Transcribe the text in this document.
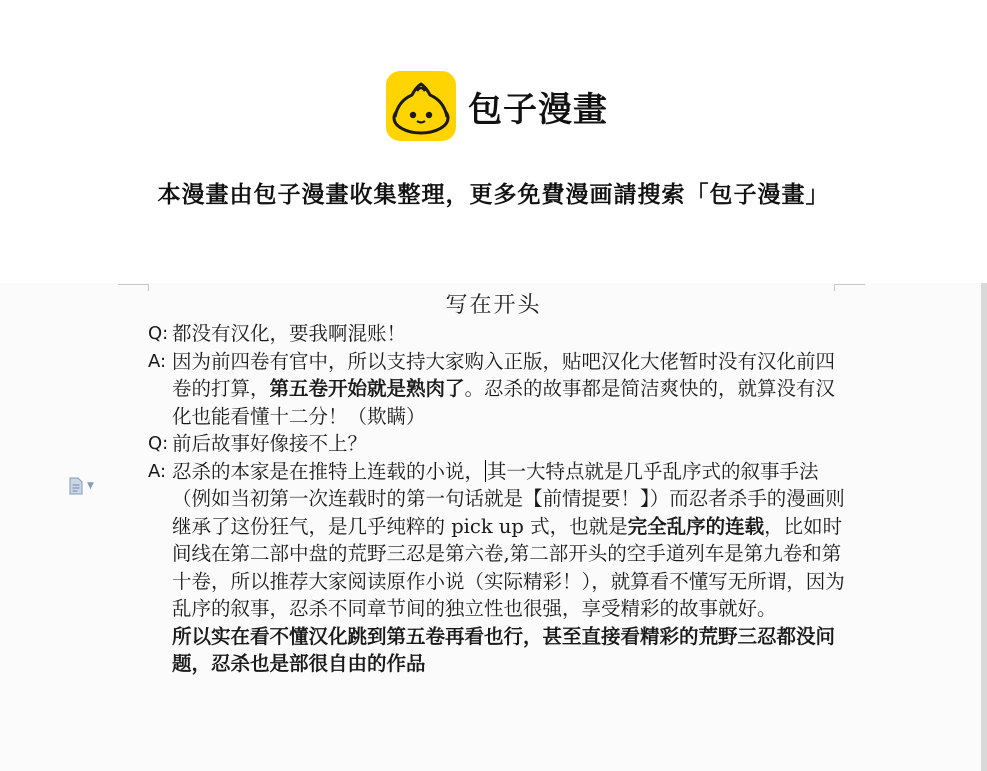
包子漫畫
本漫畫由包子漫畫收集整理，更多免費漫画請搜索「包子漫畫」
写在开头
▼
Q: 都没有汉化，要我啊混账！
A: 因为前四卷有官中，所以支持大家购入正版，贴吧汉化大佬暂时没有汉化前四卷的打算，第五卷开始就是熟肉了。忍杀的故事都是简洁爽快的，就算没有汉化也能看懂十二分！（欺瞒）
Q: 前后故事好像接不上？
A: 忍杀的本家是在推特上连载的小说， 其一大特点就是几乎乱序式的叙事手法（例如当初第一次连载时的第一句话就是【前情提要！】）而忍者杀手的漫画则继承了这份狂气，是几乎纯粹的 pick up 式，也就是完全乱序的连载，比如时间线在第二部中盘的荒野三忍是第六卷,第二部开头的空手道列车是第九卷和第十卷，所以推荐大家阅读原作小说（实际精彩！），就算看不懂写无所谓，因为乱序的叙事，忍杀不同章节间的独立性也很强，享受精彩的故事就好。
所以实在看不懂汉化跳到第五卷再看也行，甚至直接看精彩的荒野三忍都没问题，忍杀也是部很自由的作品
